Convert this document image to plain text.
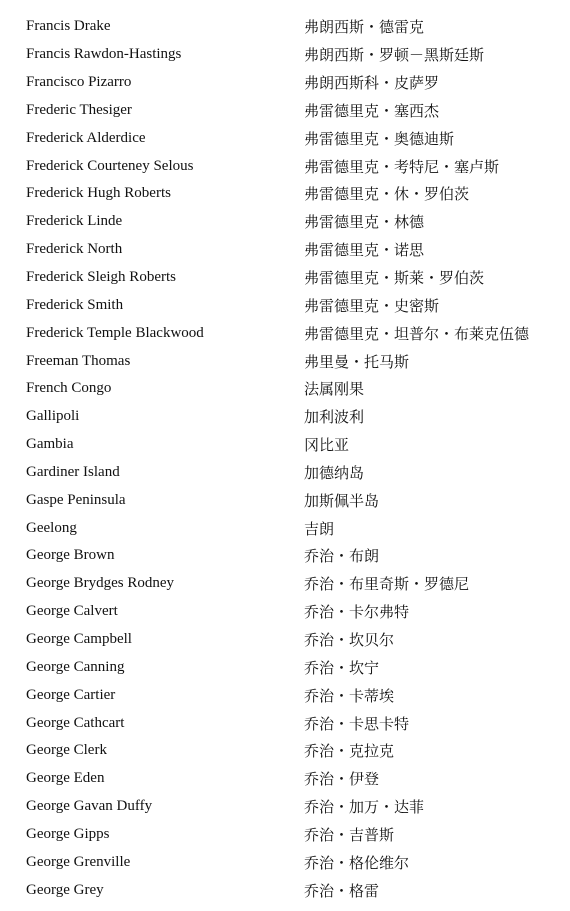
Francis Drake	弗朗西斯・德雷克
Francis Rawdon-Hastings	弗朗西斯・罗顿－黑斯廷斯
Francisco Pizarro	弗朗西斯科・皮萨罗
Frederic Thesiger	弗雷德里克・塞西杰
Frederick Alderdice	弗雷德里克・奥德迪斯
Frederick Courteney Selous	弗雷德里克・考特尼・塞卢斯
Frederick Hugh Roberts	弗雷德里克・休・罗伯茨
Frederick Linde	弗雷德里克・林德
Frederick North	弗雷德里克・诺思
Frederick Sleigh Roberts	弗雷德里克・斯莱・罗伯茨
Frederick Smith	弗雷德里克・史密斯
Frederick Temple Blackwood	弗雷德里克・坦普尔・布莱克伍德
Freeman Thomas	弗里曼・托马斯
French Congo	法属刚果
Gallipoli	加利波利
Gambia	冈比亚
Gardiner Island	加德纳岛
Gaspe Peninsula	加斯佩半岛
Geelong	吉朗
George Brown	乔治・布朗
George Brydges Rodney	乔治・布里奇斯・罗德尼
George Calvert	乔治・卡尔弗特
George Campbell	乔治・坎贝尔
George Canning	乔治・坎宁
George Cartier	乔治・卡蒂埃
George Cathcart	乔治・卡思卡特
George Clerk	乔治・克拉克
George Eden	乔治・伊登
George Gavan Duffy	乔治・加万・达菲
George Gipps	乔治・吉普斯
George Grenville	乔治・格伦维尔
George Grey	乔治・格雷
